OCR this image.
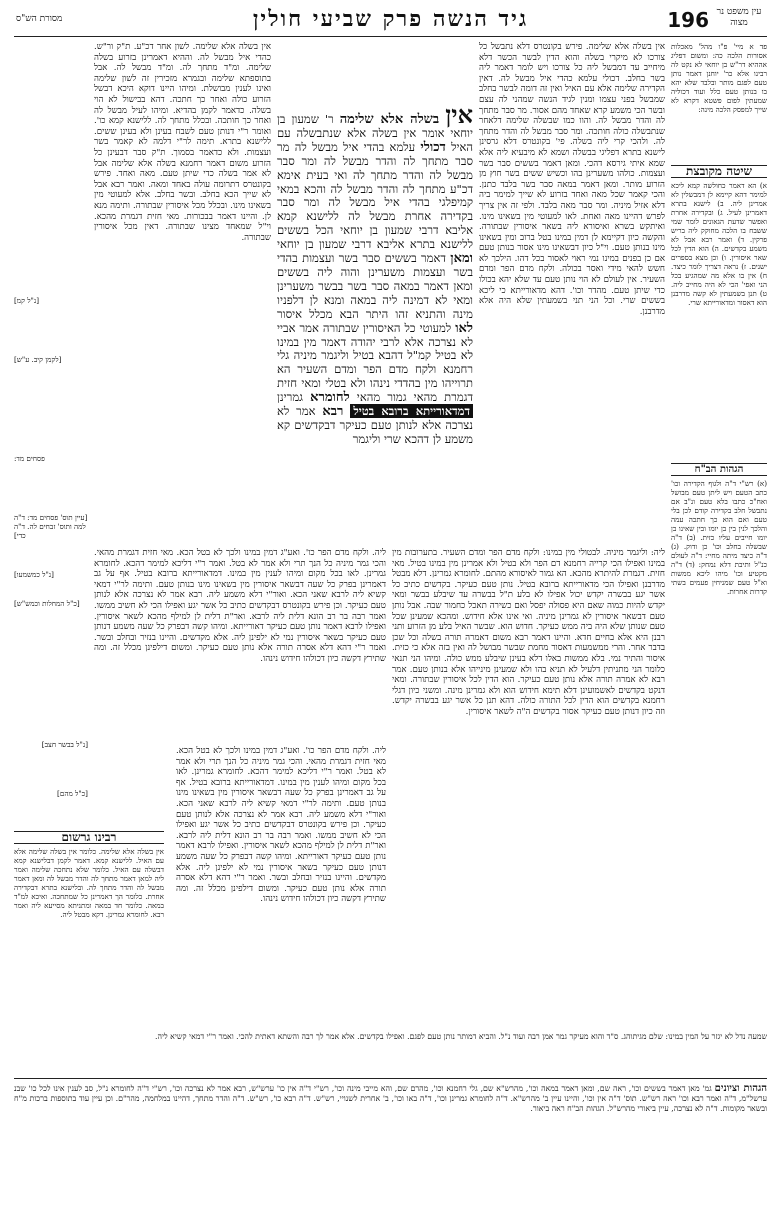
עין משפט נר מצוה
196
גיד הנשה פרק שביעי חולין
מסורת הש"ס
פד א מיי' פ"ו מהל' מאכלות אסורות הלכה כה: ומשום דפליג אההיא דר"ש בן יוחאי לא נקט לה רבינו אלא כר' יוחנן דאמר נותן טעם לפגם מותר ובלבד שלא יהא בו בנותן טעם כלל ועוד דכוליה שמעתין לפום פשטא דקרא לא שייך למפסק הלכה מינה:
שיטה מקובצת
א) הא דאמר כחולשה קמא ליכא למימר דהא קיימא לן דמבשלין לא אמרינן ליה. ב) לישנא בתרא דאמרינן לעיל. ג) ובקדירה אחרת ואפשר שדעת הגאונים לומר שמי ששבח בו הלכה מחוקק ליה בריש פרקין. ד) ואמר רבא אבל לא משמע בקדשים. ה) הוא הדין לכל שאר איסורין. ו) וכן מצא בספרים ישנים. ז) נראה דצריך לומר כיצד. ח) אין בו אלא מה שמהגיע בכל הני ואפי' הכי לא היה מחייב ליה. ט) תנן בשמעתין לא קשה מדרבנן הוא דאסור ומדאורייתא שרי.
הגהות הב"ח
(א) רש"י ד"ה ולגוף הקדירה וכו' כתב הטעם ויש ליתן טעם מבושל ואח"כ כתבו בלא טעם ונ"ב אם נתבשל חלב בקדירה קודם לכן בלי טעם ואם הוא כך חתכה עמה והלכך לנין בין בן יומו ובין שאינו בן יומו חייבים עליו כזית. (ב) ד"ה שבשלה בחלב וכו' כן ודוק. (ג) ד"ה כיצד מיתה מחיי: ד"ה לעולם כנ"ל ותיבת דלא נמחק: (ד) ד"ה מקטיע וכו' מיהו ליכא ממשות וא"ל טעם שמניחין פעמים בשתי קדרות אחרות.
אין בשלה אלא שלימה. פירש בקונטרס דלא נתבשל כל צורכו לא מיקרי בשלה והוא הדין לבשר הכשר דלא מיחייב עד דמבשל ליה כל צורכו ויש לומר דאמר ליה בשר בחלב. דכולי עלמא כהדי איל מבשל לה. דאין הקדירה שלימה אלא עם האיל ואין זה דומה לבשר בחלב שמבשל בפני עצמו ומנין לגיד הנשה שמהני לה עצם ובשר הכי משמע קרא שאחד מהם אסור. מר סבר מתחך לה והדר מבשל לה. והוו כמו שבשלה שלימה דלאחר שנתבשלה כולה חותכה. ומר סבר מבשל לה והדר מתחך לה. ולהכי קרי ליה בשלה. פי' בקונטרס דלא גרסינן לישנא בתרא דפליגי בבשלה ושמא לא מיבעיא ליה אלא שמא איתי גירסא דהכי. ומאן דאמר בששים סבר בשר ועצמות. כולהו משערינן בהו וכשיש ששים בשר חוץ מן הזרוע מותר. ומאן דאמר במאה סבר בשר בלבד כתנן. והכי קאמר שכל מאה ואחד בזרוע לא שייך למימר ביה דלא אזיל מיניה. ומר סבר מאה בלבד. ולפי זה אין צריך לפרש דהיינו מאה ואחת. לאו למעוטי מין בשאינו מינו. ואיתקש בשרא ואיסורא ליה בשאר איסורין שבתורה. והקשה כיון דקיימא לן דמין במינו בטל ברוב ומין בשאינו מינו בנותן טעם. וי"ל כיון דבשאינו מינו אסור בנותן טעם אם כן בפנים במינו נמי ראוי לאסור בכל דהו. הילכך לא חשש להאי מידי ואסר בכולה. ולקח מדם הפר ומדם השעיר. אין לעולם לא הוי נותן טעם עד שלא יהא בכולו כדי שיתן טעם. מהדר וכו'. דהא מדאורייתא כי ליכא בששים שרי. וכל הני תני בשמעתין שלא היה אלא מדרבנן.
אין בשלה אלא שלימה ר' שמעון בן יוחאי אומר אין בשלה אלא שנתבשלה עם האיל דכולי עלמא בהדי איל מבשל לה מר סבר מתחך לה והדר מבשל לה ומר סבר מבשל לה והדר מתחך לה ואי בעית אימא דכ"ע מתחך לה והדר מבשל לה והכא במאי קמיפלגי בהדי איל מבשל לה ומר סבר בקדירה אחרת מבשל לה ללישנא קמא אליבא דרבי שמעון בן יוחאי הכל בששים ללישנא בתרא אליבא דרבי שמעון בן יוחאי ומאן דאמר בששים סבר בשר ועצמות בהדי בשר ועצמות משערינן והוה ליה בששים ומאן דאמר במאה סבר בשר בבשר משערינן ומאי לא דמינה ליה במאה ומנא לן דלפניו מינה והתניא זהו היתר הבא מכלל איסור לאו למעוטי כל האיסורין שבתורה אמר אביי לא נצרכה אלא לרבי יהודה דאמר מין במינו לא בטיל קמ"ל דהבא בטיל וליגמר מיניה גלי רחמנא ולקח מדם הפר ומדם השעיר הא תרוייהו מין בהדדי נינהו ולא בטלי ומאי חזית דגמרת מהאי גמור מהאי לחומרא גמרינן דמדאורייתא ברובא בטיל רבא אמר לא נצרכה אלא לנותן טעם כעיקר דבקדשים קא משמע לן דהכא שרי וליגמר
אין בשלה אלא שלימה. לשון אחר דכ"ע. ת"ק ור"ש. כהדי איל מבשל לה. וההיא דאמרינן בזרוע בשלה שלימה. ומ"ד מתחך לה. ומ"ד מבשל לה. אבל בתוספתא שלימה ובגמרא מזכירין זה לשון שלימה ואינו לענין מבושלת. ומיהו היינו דוקא היכא דבשל הזרוע כולה ואחר כך חתכה. דהא בבישול לא הוי בשלה. כדאמר לקמן בהדיא. ומיהו לעיל מבשל לה ואחר כך חותכה. ובכלל מתחך לה. ללישנא קמא כו'. ואומר ר"י דנותן טעם לשבח בעינן ולא בעינן ששים. ללישנא בתרא. תימה לר"י דלמה לא קאמר בשר ועצמות. ולא כדאמר בסמוך. ת"ק סבר דבעינן כל הזרוע משום דאמר רחמנא בשלה אלא שלימה אבל לא אמר בשלה כדי שיתן טעם. מאה ואחד. פירש בקונטרס דתרומה עולה באחד ומאה. ואמר רבא אבל לא שייך הכא בחלב. ובשר בחלב. אלא למעוטי מין בשאינו מינו. ובכלל מכל איסורין שבתורה. ותימה מנא לן. והיינו דאמר בבכורות. מאי חזית דגמרת מהכא. וי"ל שמאחד מצינו שבתורה. דאין מכל איסורין שבתורה.
[נ"ל קמ]
[לקמן קיב. ע"ש]
פסחים מד:
[עיין תוס' פסחים מד: ד"ה למה ותוס' זבחים לה. ד"ה כדי]
[נ"ל כמשמעו]
[כ"ל המחלות וכמש"ש]
ליה: וליגמר מיניה. לבטולי מין במינו: ולקח מדם הפר ומדם השעיר. בתערובות מין במינו ואפילו הכי קרייה רחמנא דם הפר ולא בטיל ולא אמרינן מין במינו בטיל. מאי חזית. דגמרת להיתרא מהכא. הא גמור לאיסורא מהתם. לחומרא גמרינן. דלא מבטל מדרבנן ואפילו הכי מדאורייתא ברובא בטיל. נותן טעם כעיקר. בקדשים כתיב כל אשר יגע בבשרה יקדש יכול אפילו לא בלע ת"ל בבשרה עד שיבלע בבשר ומאי יקדש להיות כמוה שאם היא פסולה יפסל ואם כשירה תאכל כחמור שבה. אבל נותן טעם דבשאר איסורין לא גמרינן מיניה. ואי אינו אלא חידוש. ומהכא שמעינן שכל טעם שנותן שלא היה ביה ממש כעיקר. חדוש הוא. שבשר האיל בלע מן הזרוע ותני רבנן היא אלא בחיים חדא. והיינו דאמר רבא משום דאמרה תורה בשלה וכל שכן בדבר אחר. והרי ממשמעות דאסור מחמת שבשר מבושל לה ואין בזה אלא כי כזית. איסור והתיר נמי. בלא ממשות באלו דלא בעינן שיבלע ממש כולה. ומיהו הני תנאי כלומר הני מתניתין דלעיל לא תניא בהו ולא שמעינן מינייהו אלא בנותן טעם. אמר רבא לא אמרה תורה אלא נותן טעם כעיקר. הוא הדין לכל איסורין שבתורה. ומאי דנקט בקדשים לאשמועינן דלא תימא חידוש הוא ולא גמרינן מינה. ומשני כיון דגלי רחמנא בקדשים הוא הדין לכל התורה כולה. דהא תנן כל אשר יגע בבשרה יקדש. וזה כיון דנותן טעם כעיקר אסור בקדשים ה"ה לשאר איסורין.
ליה. ולקח מדם הפר כו'. ואע"ג דמין במינו ולכך לא בטל הכא. מאי חזית דגמרת מהאי. והכי גמר מיניה כל הנך תרי ולא אמר לא בטל. ואמר ר"י דליכא למימר דהכא. לחומרא גמרינן. לאו בכל מקום ומיהו לענין מין במינו. דמדאורייתא ברובא בטיל. אף על גב דאמרינן בפרק כל שעה דבשאר איסורין מין בשאינו מינו בנותן טעם. ותימה לר"י דמאי קשיא ליה לרבא שאני הכא. ואור"י דלא משמע ליה. רבא אמר לא נצרכה אלא לנותן טעם כעיקר. וכן פירש בקונטרס דבקדשים כתיב כל אשר יגע ואפילו הכי לא חשיב ממשו. ואמר רבה בר רב הונא דלית ליה לרבא. ואר"ת דלית לן למילף מהכא לשאר איסורין. ואפילו לרבא דאמר נותן טעם כעיקר דאורייתא. ומיהו קשה דבפרק כל שעה משמע דנותן טעם כעיקר בשאר איסורין נמי לא ילפינן ליה. אלא מקדשים. והיינו בנזיר ובחלב ובשר. ואמר ר"י דהא דלא אסרה תורה אלא נותן טעם כעיקר. ומשום דילפינן מכלל זה. ומה שתירץ דקשה כיון דכולהו חידוש נינהו.
ליה. ולקח מדם הפר כו'. ואע"ג דמין במינו ולכך לא בטל הכא. מאי חזית דגמרת מהאי. והכי גמר מיניה כל הנך תרי ולא אמר לא בטל. ואמר ר"י דליכא למימר דהכא. לחומרא גמרינן. לאו בכל מקום ומיהו לענין מין במינו. דמדאורייתא ברובא בטיל. אף על גב דאמרינן בפרק כל שעה דבשאר איסורין מין בשאינו מינו בנותן טעם. ותימה לר"י דמאי קשיא ליה לרבא שאני הכא. ואור"י דלא משמע ליה. רבא אמר לא נצרכה אלא לנותן טעם כעיקר. וכן פירש בקונטרס דבקדשים כתיב כל אשר יגע ואפילו הכי לא חשיב ממשו. ואמר רבה בר רב הונא דלית ליה לרבא. ואר"ת דלית לן למילף מהכא לשאר איסורין. ואפילו לרבא דאמר נותן טעם כעיקר דאורייתא. ומיהו קשה דבפרק כל שעה משמע דנותן טעם כעיקר בשאר איסורין נמי לא ילפינן ליה. אלא מקדשים. והיינו בנזיר ובחלב ובשר. ואמר ר"י דהא דלא אסרה תורה אלא נותן טעם כעיקר. ומשום דילפינן מכלל זה. ומה שתירץ דקשה כיון דכולהו חידוש נינהו.
[נ"ל בבשר חצב]
[כ"ל מהם]
רבינו גרשום
אין בשלה אלא שלימה. כלומר אין בשלה שלימה אלא עם האיל. ללישנא קמא. דאמר לקמן דבלישנא קמא דבשלה עם האיל. כלומר שלא נתחכה שלימה ואמר ליה למאן דאמר מתחך לה והדר מבשל לה ומאן דאמר מבשל לה והדר מתחך לה. ובלישנא בתרא דבקדירה אחרת. כלומר הך דאמרינן כל שמתחכה. ואיכא למ"ד במאה. כלומר חד במאה ומתניתא מסייעא ליה ואמר רבא. לחומרא גמרינן. דקא מבטל ליה.
שמעה נדל לא יגזר על המין במינו: שלם מגיתוהג. ס"ד והוא מעיקר גמר אמן רבה ועוד נ"ל. והביא דמותר נותן טעם לפגם. ואפילו בקדשים. אלא אמר לך רבה והשתא דאתית להכי. ואמר ר"י דמאי קשיא ליה.
הגהות וציונים גמ' מאן דאמר בששים וכו', ראה שם, ומאן דאמר במאה וכו', מהרש"א שם, גלי רחמנא וכו', מהרם שם, והא מייבי מינה וכו', רש"י ד"ה אין כו' ערש"ש, רבא אמר לא נצרכה וכו', רש"י ד"ה לחומרא נ"ל, סב לענין אינו לכל כו' שבנ ערשל"מ, ד"ה ואמר רבא וכו' ראה רש"ש. תוס' ד"ה אין וכו', והיינו עיין ב' מהרש"א. ד"ה לחומרא גמרינן וכו', ד"ה באו וכו', ב' אחרית לשנויי, רש"ש. ד"ה רבא כו', רש"ש. ד"ה והדר מתחך, דהיינו במלחמה, מהר"ם. וכן עיין עוד בתוספות ברכות מ"ח ובשאר מקומות. ד"ה לא נצרכה, עיין ביאורי מהרש"ל. הגהות הב"ח ראה ביאור.
